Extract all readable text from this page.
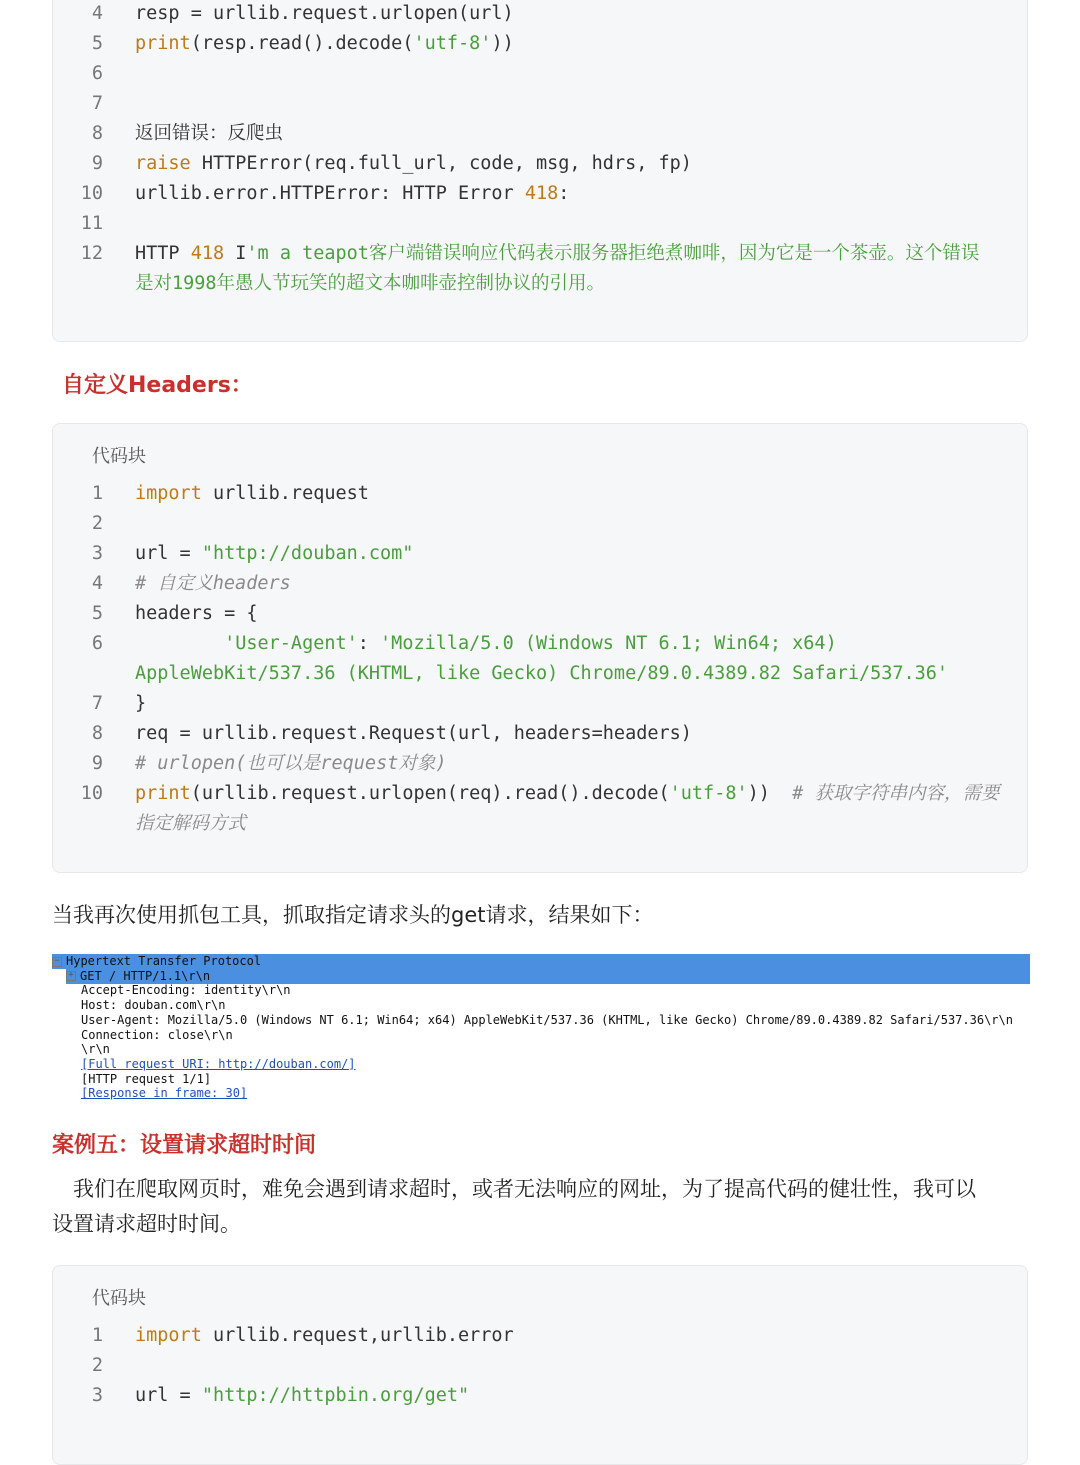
4 resp = urllib.request.urlopen(url)
5 print(resp.read().decode('utf-8'))
6
7
8 返回错误：反爬虫
9 raise HTTPError(req.full_url, code, msg, hdrs, fp)
10 urllib.error.HTTPError: HTTP Error 418:
11
12 HTTP 418 I'm a teapot客户端错误响应代码表示服务器拒绝煮咖啡，因为它是一个茶壶。这个错误
是对1998年愚人节玩笑的超文本咖啡壶控制协议的引用。
自定义Headers：
代码块
1 import urllib.request
2
3 url = "http://douban.com"
4 # 自定义headers
5 headers = {
6 'User-Agent': 'Mozilla/5.0 (Windows NT 6.1; Win64; x64)
AppleWebKit/537.36 (KHTML, like Gecko) Chrome/89.0.4389.82 Safari/537.36'
7 }
8 req = urllib.request.Request(url, headers=headers)
9 # urlopen(也可以是request对象)
10 print(urllib.request.urlopen(req).read().decode('utf-8'))  # 获取字符串内容，需要
指定解码方式
当我再次使用抓包工具，抓取指定请求头的get请求，结果如下：
− Hypertext Transfer Protocol
+ GET / HTTP/1.1\r\n
Accept-Encoding: identity\r\n
Host: douban.com\r\n
User-Agent: Mozilla/5.0 (Windows NT 6.1; Win64; x64) AppleWebKit/537.36 (KHTML, like Gecko) Chrome/89.0.4389.82 Safari/537.36\r\n
Connection: close\r\n
\r\n
[Full request URI: http://douban.com/]
[HTTP request 1/1]
[Response in frame: 30]
案例五：设置请求超时时间
　我们在爬取网页时，难免会遇到请求超时，或者无法响应的网址，为了提高代码的健壮性，我可以
设置请求超时时间。
代码块
1 import urllib.request,urllib.error
2
3 url = "http://httpbin.org/get"
